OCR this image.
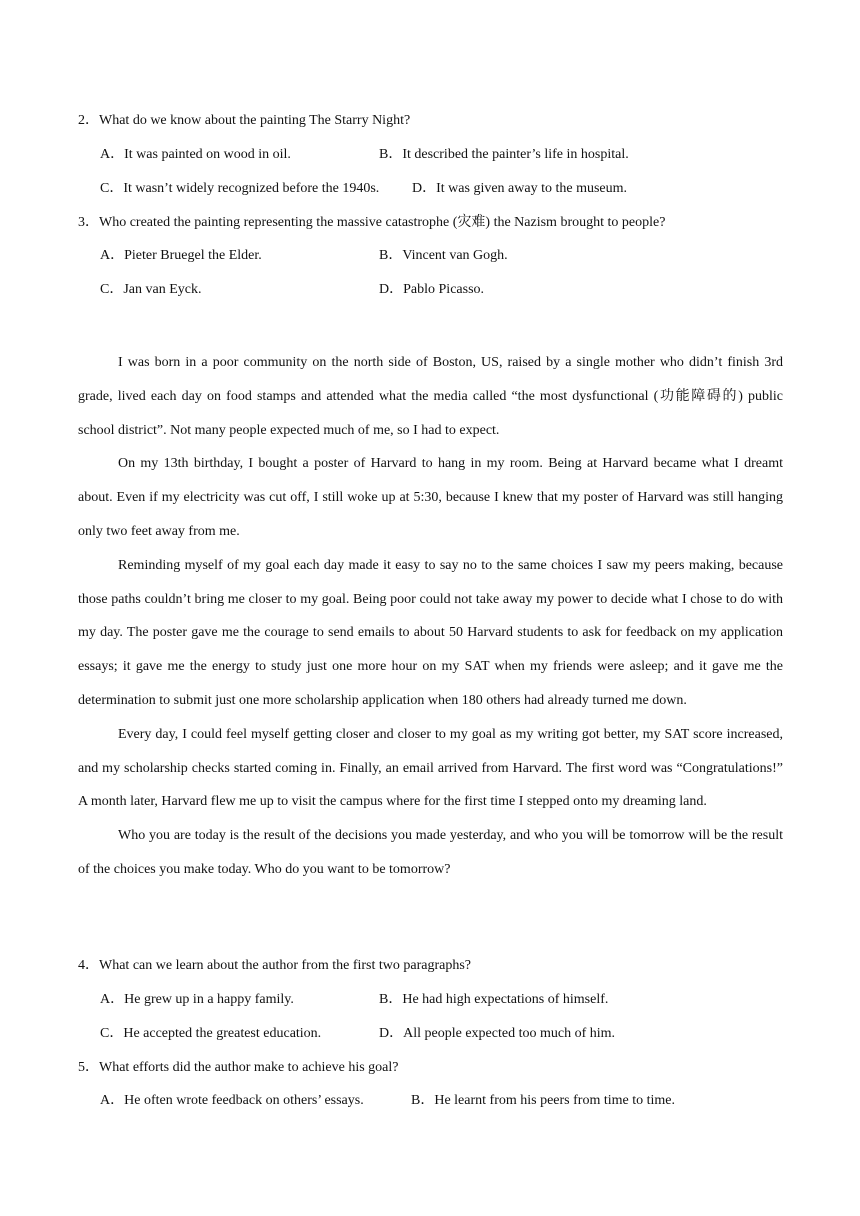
2．What do we know about the painting The Starry Night?
A．It was painted on wood in oil.	B．It described the painter’s life in hospital.
C．It wasn’t widely recognized before the 1940s. D．It was given away to the museum.
3．Who created the painting representing the massive catastrophe (灾难) the Nazism brought to people?
A．Pieter Bruegel the Elder.	B．Vincent van Gogh.
C．Jan van Eyck.	D．Pablo Picasso.

I was born in a poor community on the north side of Boston, US, raised by a single mother who didn’t finish 3rd grade, lived each day on food stamps and attended what the media called “the most dysfunctional (功能障碍的) public school district”. Not many people expected much of me, so I had to expect.

On my 13th birthday, I bought a poster of Harvard to hang in my room. Being at Harvard became what I dreamt about. Even if my electricity was cut off, I still woke up at 5:30, because I knew that my poster of Harvard was still hanging only two feet away from me.

Reminding myself of my goal each day made it easy to say no to the same choices I saw my peers making, because those paths couldn’t bring me closer to my goal. Being poor could not take away my power to decide what I chose to do with my day. The poster gave me the courage to send emails to about 50 Harvard students to ask for feedback on my application essays; it gave me the energy to study just one more hour on my SAT when my friends were asleep; and it gave me the determination to submit just one more scholarship application when 180 others had already turned me down.

Every day, I could feel myself getting closer and closer to my goal as my writing got better, my SAT score increased, and my scholarship checks started coming in. Finally, an email arrived from Harvard. The first word was “Congratulations!” A month later, Harvard flew me up to visit the campus where for the first time I stepped onto my dreaming land.

Who you are today is the result of the decisions you made yesterday, and who you will be tomorrow will be the result of the choices you make today. Who do you want to be tomorrow?

4．What can we learn about the author from the first two paragraphs?
A．He grew up in a happy family.	B．He had high expectations of himself.
C．He accepted the greatest education.	D．All people expected too much of him.
5．What efforts did the author make to achieve his goal?
A．He often wrote feedback on others’ essays.	B．He learnt from his peers from time to time.
